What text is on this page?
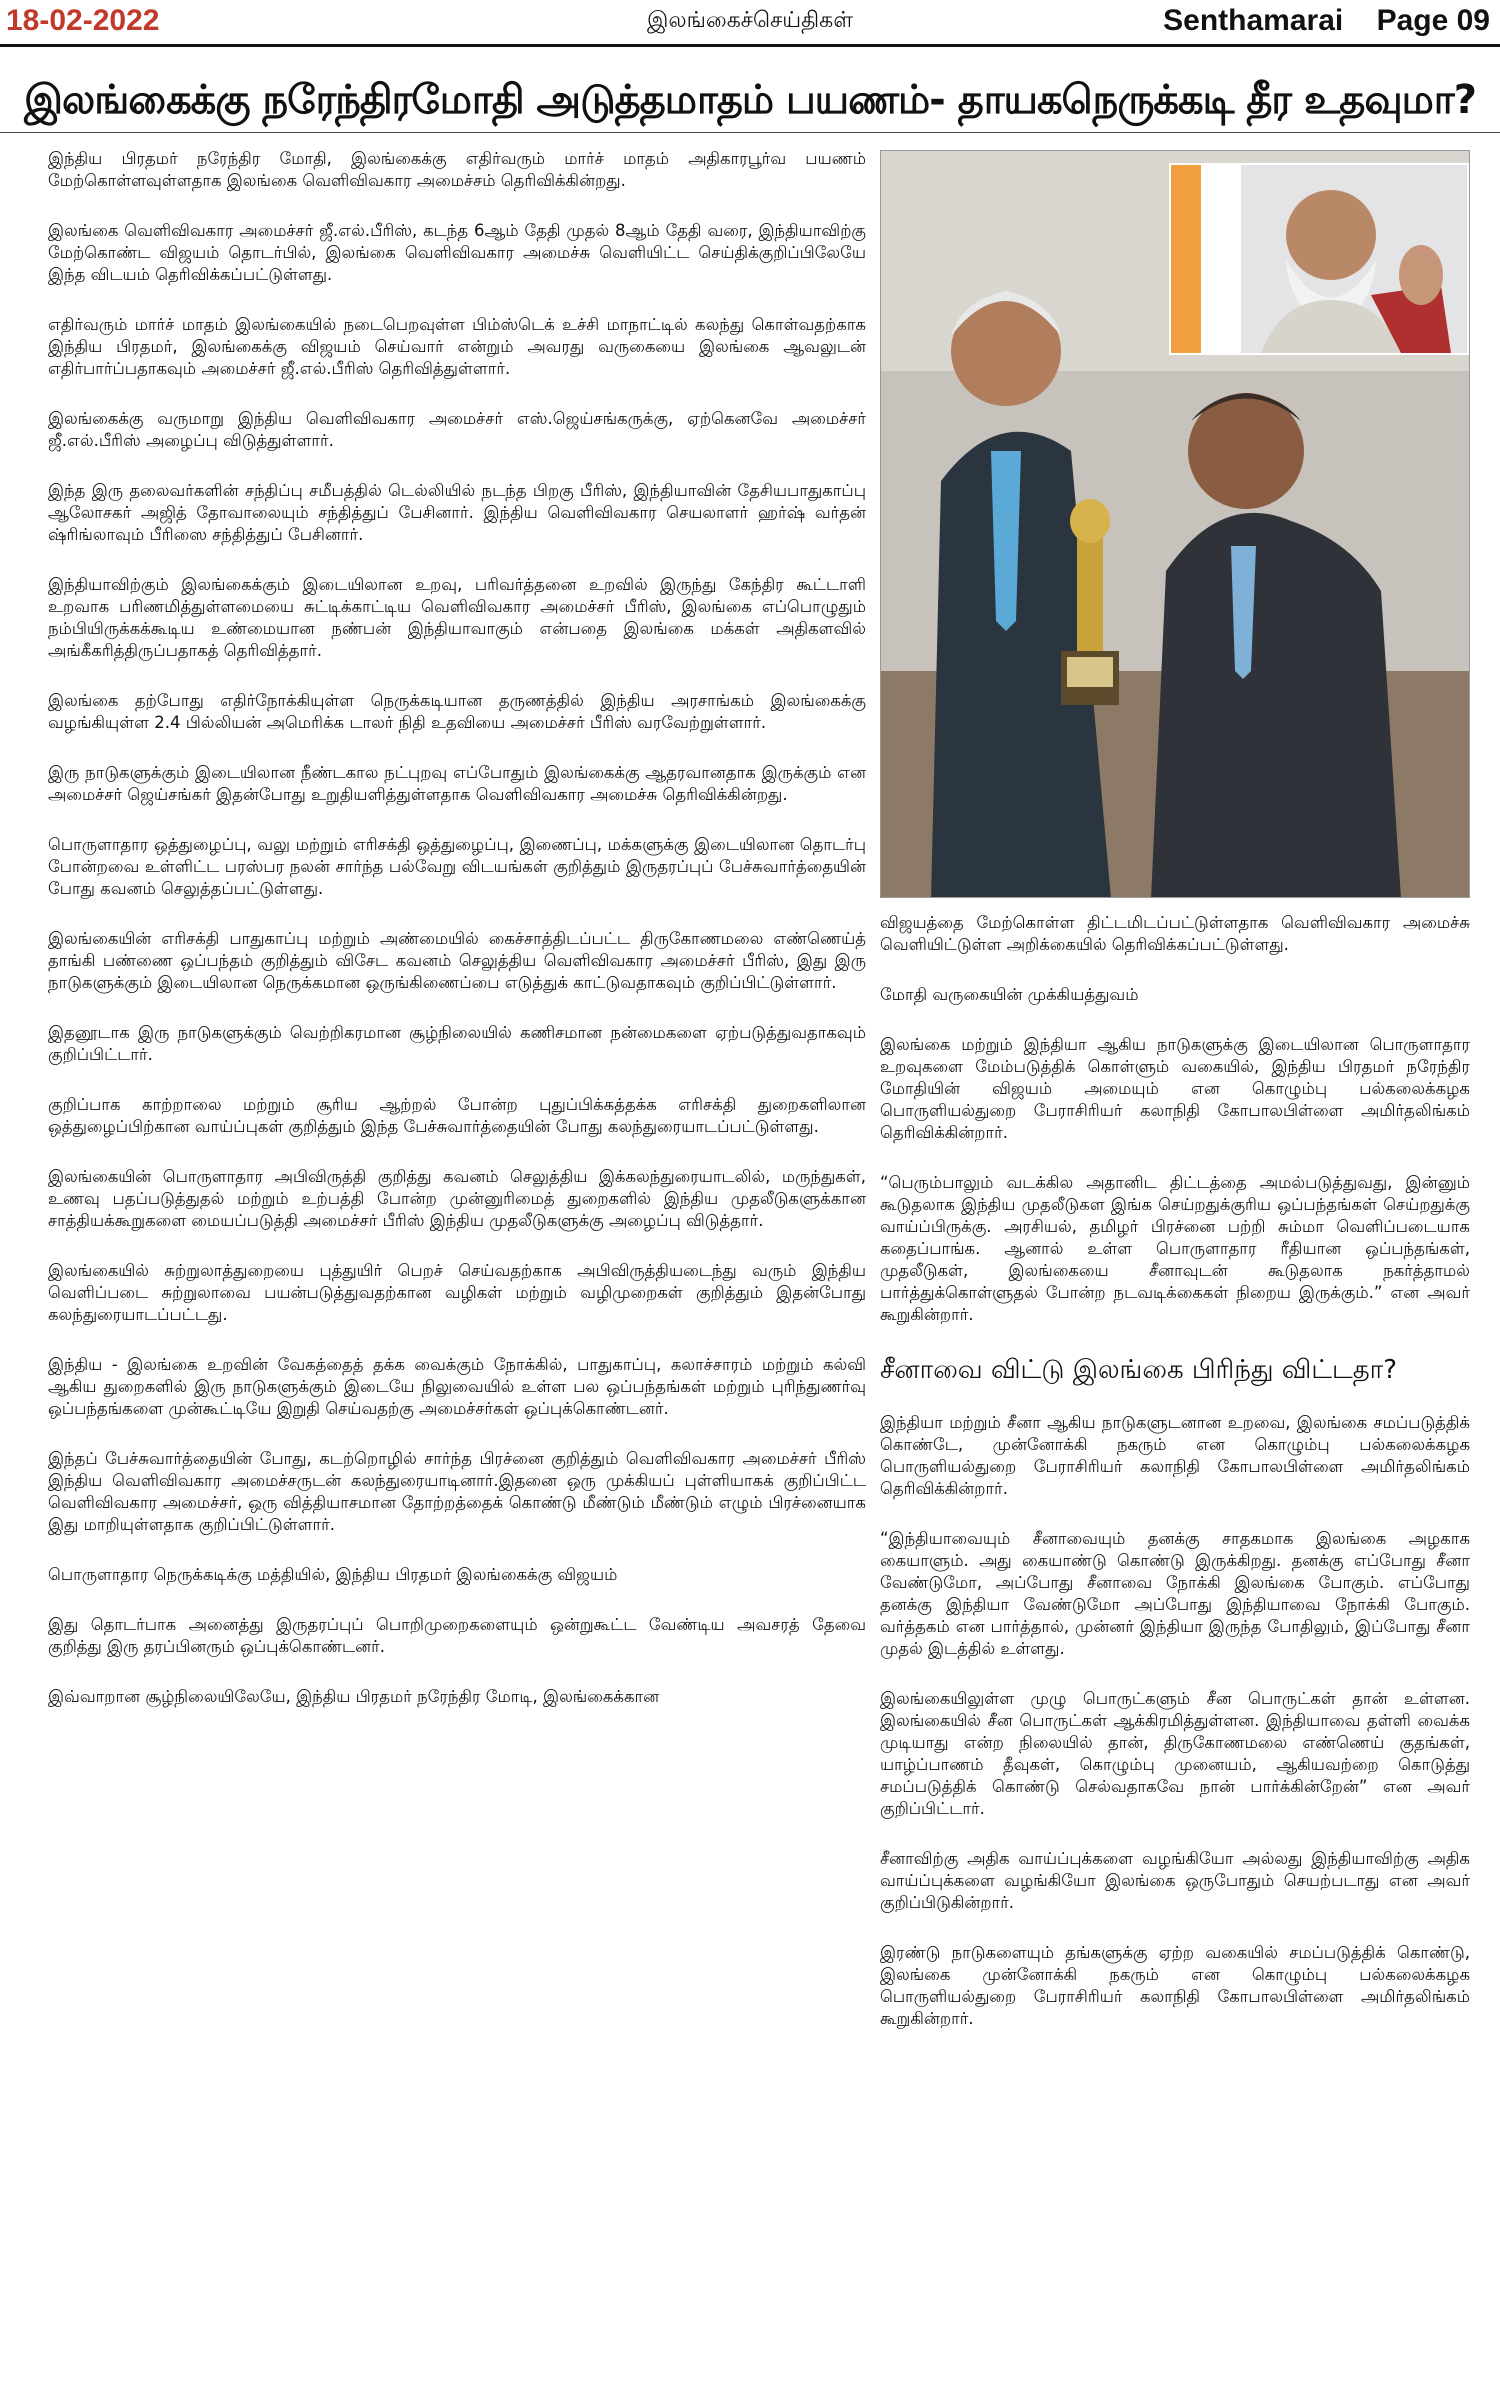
18-02-2022	இலங்கைச்செய்திகள்	Senthamarai Page 09
இலங்கைக்கு நரேந்திரமோதி அடுத்தமாதம் பயணம்- தாயகநெருக்கடி தீர உதவுமா?

இந்திய பிரதமர் நரேந்திர மோதி, இலங்கைக்கு எதிர்வரும் மார்ச் மாதம் அதிகாரபூர்வ பயணம் மேற்கொள்ளவுள்ளதாக இலங்கை வெளிவிவகார அமைச்சம் தெரிவிக்கின்றது.

இலங்கை வெளிவிவகார அமைச்சர் ஜீ.எல்.பீரிஸ், கடந்த 6ஆம் தேதி முதல் 8ஆம் தேதி வரை, இந்தியாவிற்கு மேற்கொண்ட விஜயம் தொடர்பில், இலங்கை வெளிவிவகார அமைச்சு வெளியிட்ட செய்திக்குறிப்பிலேயே இந்த விடயம் தெரிவிக்கப்பட்டுள்ளது.

எதிர்வரும் மார்ச் மாதம் இலங்கையில் நடைபெறவுள்ள பிம்ஸ்டெக் உச்சி மாநாட்டில் கலந்து கொள்வதற்காக இந்திய பிரதமர், இலங்கைக்கு விஜயம் செய்வார் என்றும் அவரது வருகையை இலங்கை ஆவலுடன் எதிர்பார்ப்பதாகவும் அமைச்சர் ஜீ.எல்.பீரிஸ் தெரிவித்துள்ளார்.

இலங்கைக்கு வருமாறு இந்திய வெளிவிவகார அமைச்சர் எஸ்.ஜெய்சங்கருக்கு, ஏற்கெனவே அமைச்சர் ஜீ.எல்.பீரிஸ் அழைப்பு விடுத்துள்ளார்.

இந்த இரு தலைவர்களின் சந்திப்பு சமீபத்தில் டெல்லியில் நடந்த பிறகு பீரிஸ், இந்தியாவின் தேசியபாதுகாப்பு ஆலோசகர் அஜித் தோவாலையும் சந்தித்துப் பேசினார். இந்திய வெளிவிவகார செயலாளர் ஹர்ஷ் வர்தன் ஷ்ரிங்லாவும் பீரிஸை சந்தித்துப் பேசினார்.

இந்தியாவிற்கும் இலங்கைக்கும் இடையிலான உறவு, பரிவர்த்தனை உறவில் இருந்து கேந்திர கூட்டாளி உறவாக பரிணமித்துள்ளமையை சுட்டிக்காட்டிய வெளிவிவகார அமைச்சர் பீரிஸ், இலங்கை எப்பொழுதும் நம்பியிருக்கக்கூடிய உண்மையான நண்பன் இந்தியாவாகும் என்பதை இலங்கை மக்கள் அதிகளவில் அங்கீகரித்திருப்பதாகத் தெரிவித்தார்.

இலங்கை தற்போது எதிர்நோக்கியுள்ள நெருக்கடியான தருணத்தில் இந்திய அரசாங்கம் இலங்கைக்கு வழங்கியுள்ள 2.4 பில்லியன் அமெரிக்க டாலர் நிதி உதவியை அமைச்சர் பீரிஸ் வரவேற்றுள்ளார்.

இரு நாடுகளுக்கும் இடையிலான நீண்டகால நட்புறவு எப்போதும் இலங்கைக்கு ஆதரவானதாக இருக்கும் என அமைச்சர் ஜெய்சங்கர் இதன்போது உறுதியளித்துள்ளதாக வெளிவிவகார அமைச்சு தெரிவிக்கின்றது.

பொருளாதார ஒத்துழைப்பு, வலு மற்றும் எரிசக்தி ஒத்துழைப்பு, இணைப்பு, மக்களுக்கு இடையிலான தொடர்பு போன்றவை உள்ளிட்ட பரஸ்பர நலன் சார்ந்த பல்வேறு விடயங்கள் குறித்தும் இருதரப்புப் பேச்சுவார்த்தையின் போது கவனம் செலுத்தப்பட்டுள்ளது.

இலங்கையின் எரிசக்தி பாதுகாப்பு மற்றும் அண்மையில் கைச்சாத்திடப்பட்ட திருகோணமலை எண்ணெய்த் தாங்கி பண்ணை ஒப்பந்தம் குறித்தும் விசேட கவனம் செலுத்திய வெளிவிவகார அமைச்சர் பீரிஸ், இது இரு நாடுகளுக்கும் இடையிலான நெருக்கமான ஒருங்கிணைப்பை எடுத்துக் காட்டுவதாகவும் குறிப்பிட்டுள்ளார்.

இதனூடாக இரு நாடுகளுக்கும் வெற்றிகரமான சூழ்நிலையில் கணிசமான நன்மைகளை ஏற்படுத்துவதாகவும் குறிப்பிட்டார்.

குறிப்பாக காற்றாலை மற்றும் சூரிய ஆற்றல் போன்ற புதுப்பிக்கத்தக்க எரிசக்தி துறைகளிலான ஒத்துழைப்பிற்கான வாய்ப்புகள் குறித்தும் இந்த பேச்சுவார்த்தையின் போது கலந்துரையாடப்பட்டுள்ளது.

இலங்கையின் பொருளாதார அபிவிருத்தி குறித்து கவனம் செலுத்திய இக்கலந்துரையாடலில், மருந்துகள், உணவு பதப்படுத்துதல் மற்றும் உற்பத்தி போன்ற முன்னுரிமைத் துறைகளில் இந்திய முதலீடுகளுக்கான சாத்தியக்கூறுகளை மையப்படுத்தி அமைச்சர் பீரிஸ் இந்திய முதலீடுகளுக்கு அழைப்பு விடுத்தார்.

இலங்கையில் சுற்றுலாத்துறையை புத்துயிர் பெறச் செய்வதற்காக அபிவிருத்தியடைந்து வரும் இந்திய வெளிப்படை சுற்றுலாவை பயன்படுத்துவதற்கான வழிகள் மற்றும் வழிமுறைகள் குறித்தும் இதன்போது கலந்துரையாடப்பட்டது.

இந்திய - இலங்கை உறவின் வேகத்தைத் தக்க வைக்கும் நோக்கில், பாதுகாப்பு, கலாச்சாரம் மற்றும் கல்வி ஆகிய துறைகளில் இரு நாடுகளுக்கும் இடையே நிலுவையில் உள்ள பல ஒப்பந்தங்கள் மற்றும் புரிந்துணர்வு ஒப்பந்தங்களை முன்கூட்டியே இறுதி செய்வதற்கு அமைச்சர்கள் ஒப்புக்கொண்டனர்.

இந்தப் பேச்சுவார்த்தையின் போது, கடற்றொழில் சார்ந்த பிரச்னை குறித்தும் வெளிவிவகார அமைச்சர் பீரிஸ் இந்திய வெளிவிவகார அமைச்சருடன் கலந்துரையாடினார்.இதனை ஒரு முக்கியப் புள்ளியாகக் குறிப்பிட்ட வெளிவிவகார அமைச்சர், ஒரு வித்தியாசமான தோற்றத்தைக் கொண்டு மீண்டும் மீண்டும் எழும் பிரச்னையாக இது மாறியுள்ளதாக குறிப்பிட்டுள்ளார்.

பொருளாதார நெருக்கடிக்கு மத்தியில், இந்திய பிரதமர் இலங்கைக்கு விஜயம்

இது தொடர்பாக அனைத்து இருதரப்புப் பொறிமுறைகளையும் ஒன்றுகூட்ட வேண்டிய அவசரத் தேவை குறித்து இரு தரப்பினரும் ஒப்புக்கொண்டனர்.

இவ்வாறான சூழ்நிலையிலேயே, இந்திய பிரதமர் நரேந்திர மோடி, இலங்கைக்கான

விஜயத்தை மேற்கொள்ள திட்டமிடப்பட்டுள்ளதாக வெளிவிவகார அமைச்சு வெளியிட்டுள்ள அறிக்கையில் தெரிவிக்கப்பட்டுள்ளது.

மோதி வருகையின் முக்கியத்துவம்

இலங்கை மற்றும் இந்தியா ஆகிய நாடுகளுக்கு இடையிலான பொருளாதார உறவுகளை மேம்படுத்திக் கொள்ளும் வகையில், இந்திய பிரதமர் நரேந்திர மோதியின் விஜயம் அமையும் என கொழும்பு பல்கலைக்கழக பொருளியல்துறை பேராசிரியர் கலாநிதி கோபாலபிள்ளை அமிர்தலிங்கம் தெரிவிக்கின்றார்.

“பெரும்பாலும் வடக்கில அதானிட திட்டத்தை அமல்படுத்துவது, இன்னும் கூடுதலாக இந்திய முதலீடுகள இங்க செய்றதுக்குரிய ஒப்பந்தங்கள் செய்றதுக்கு வாய்ப்பிருக்கு. அரசியல், தமிழர் பிரச்னை பற்றி சும்மா வெளிப்படையாக கதைப்பாங்க. ஆனால் உள்ள பொருளாதார ரீதியான ஒப்பந்தங்கள், முதலீடுகள், இலங்கையை சீனாவுடன் கூடுதலாக நகர்த்தாமல் பார்த்துக்கொள்ளுதல் போன்ற நடவடிக்கைகள் நிறைய இருக்கும்.” என அவர் கூறுகின்றார்.

சீனாவை விட்டு இலங்கை பிரிந்து விட்டதா?

இந்தியா மற்றும் சீனா ஆகிய நாடுகளுடனான உறவை, இலங்கை சமப்படுத்திக் கொண்டே, முன்னோக்கி நகரும் என கொழும்பு பல்கலைக்கழக பொருளியல்துறை பேராசிரியர் கலாநிதி கோபாலபிள்ளை அமிர்தலிங்கம் தெரிவிக்கின்றார்.

“இந்தியாவையும் சீனாவையும் தனக்கு சாதகமாக இலங்கை அழகாக கையாளும். அது கையாண்டு கொண்டு இருக்கிறது. தனக்கு எப்போது சீனா வேண்டுமோ, அப்போது சீனாவை நோக்கி இலங்கை போகும். எப்போது தனக்கு இந்தியா வேண்டுமோ அப்போது இந்தியாவை நோக்கி போகும். வர்த்தகம் என பார்த்தால், முன்னர் இந்தியா இருந்த போதிலும், இப்போது சீனா முதல் இடத்தில் உள்ளது.

இலங்கையிலுள்ள முழு பொருட்களும் சீன பொருட்கள் தான் உள்ளன. இலங்கையில் சீன பொருட்கள் ஆக்கிரமித்துள்ளன. இந்தியாவை தள்ளி வைக்க முடியாது என்ற நிலையில் தான், திருகோணமலை எண்ணெய் குதங்கள், யாழ்ப்பாணம் தீவுகள், கொழும்பு முனையம், ஆகியவற்றை கொடுத்து சமப்படுத்திக் கொண்டு செல்வதாகவே நான் பார்க்கின்றேன்” என அவர் குறிப்பிட்டார்.

சீனாவிற்கு அதிக வாய்ப்புக்களை வழங்கியோ அல்லது இந்தியாவிற்கு அதிக வாய்ப்புக்களை வழங்கியோ இலங்கை ஒருபோதும் செயற்படாது என அவர் குறிப்பிடுகின்றார்.

இரண்டு நாடுகளையும் தங்களுக்கு ஏற்ற வகையில் சமப்படுத்திக் கொண்டு, இலங்கை முன்னோக்கி நகரும் என கொழும்பு பல்கலைக்கழக பொருளியல்துறை பேராசிரியர் கலாநிதி கோபாலபிள்ளை அமிர்தலிங்கம் கூறுகின்றார்.
